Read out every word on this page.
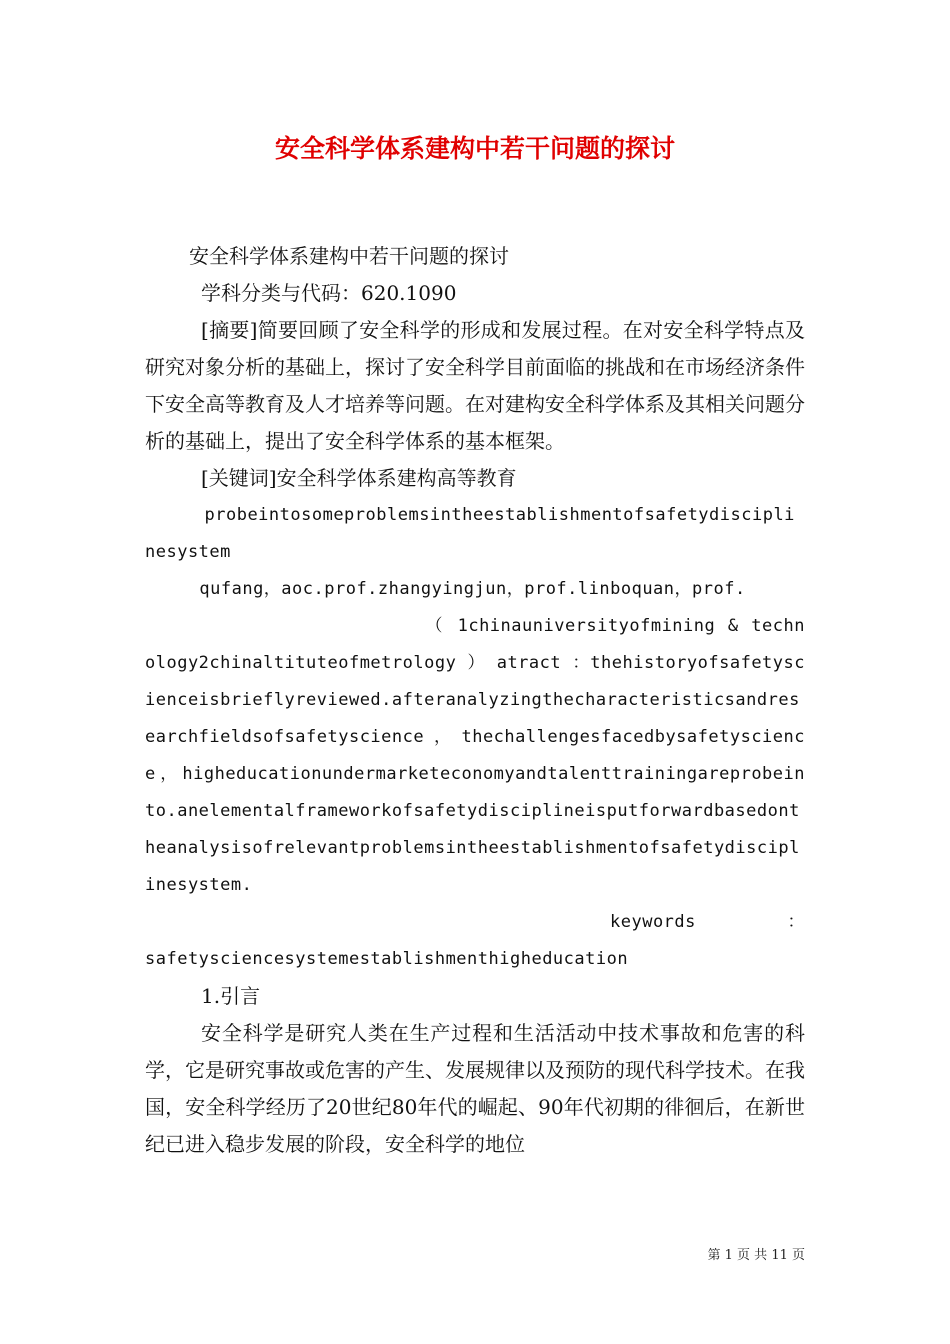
安全科学体系建构中若干问题的探讨

安全科学体系建构中若干问题的探讨

学科分类与代码：620.1090

[摘要]简要回顾了安全科学的形成和发展过程。在对安全科学特点及研究对象分析的基础上，探讨了安全科学目前面临的挑战和在市场经济条件下安全高等教育及人才培养等问题。在对建构安全科学体系及其相关问题分析的基础上，提出了安全科学体系的基本框架。

[关键词]安全科学体系建构高等教育

probeintosomeproblemsintheestablishmentofsafetydisciplinesystem

qufang，aoc.prof.zhangyingjun，prof.linboquan，prof.

（ 1chinauniversityofmining & technology2chinaltituteofmetrology ） atract ：thehistoryofsafetyscienceisbrieflyreviewed.afteranalyzingthecharacteristicsandresearchfieldsofsafetyscience，thechallengesfacedbysafetyscience，higheducationundermarketeconomyandtalenttrainingareprobeinto.anelementalframeworkofsafetydisciplineisputforwardbasedontheanalysisofrelevantproblemsintheestablishmentofsafetydisciplinesystem.

keywords	：

safetysciencesystemestablishmenthigheducation

1.引言

安全科学是研究人类在生产过程和生活活动中技术事故和危害的科学，它是研究事故或危害的产生、发展规律以及预防的现代科学技术。在我国，安全科学经历了20世纪80年代的崛起、90年代初期的徘徊后，在新世纪已进入稳步发展的阶段，安全科学的地位

第 1 页 共 11 页
